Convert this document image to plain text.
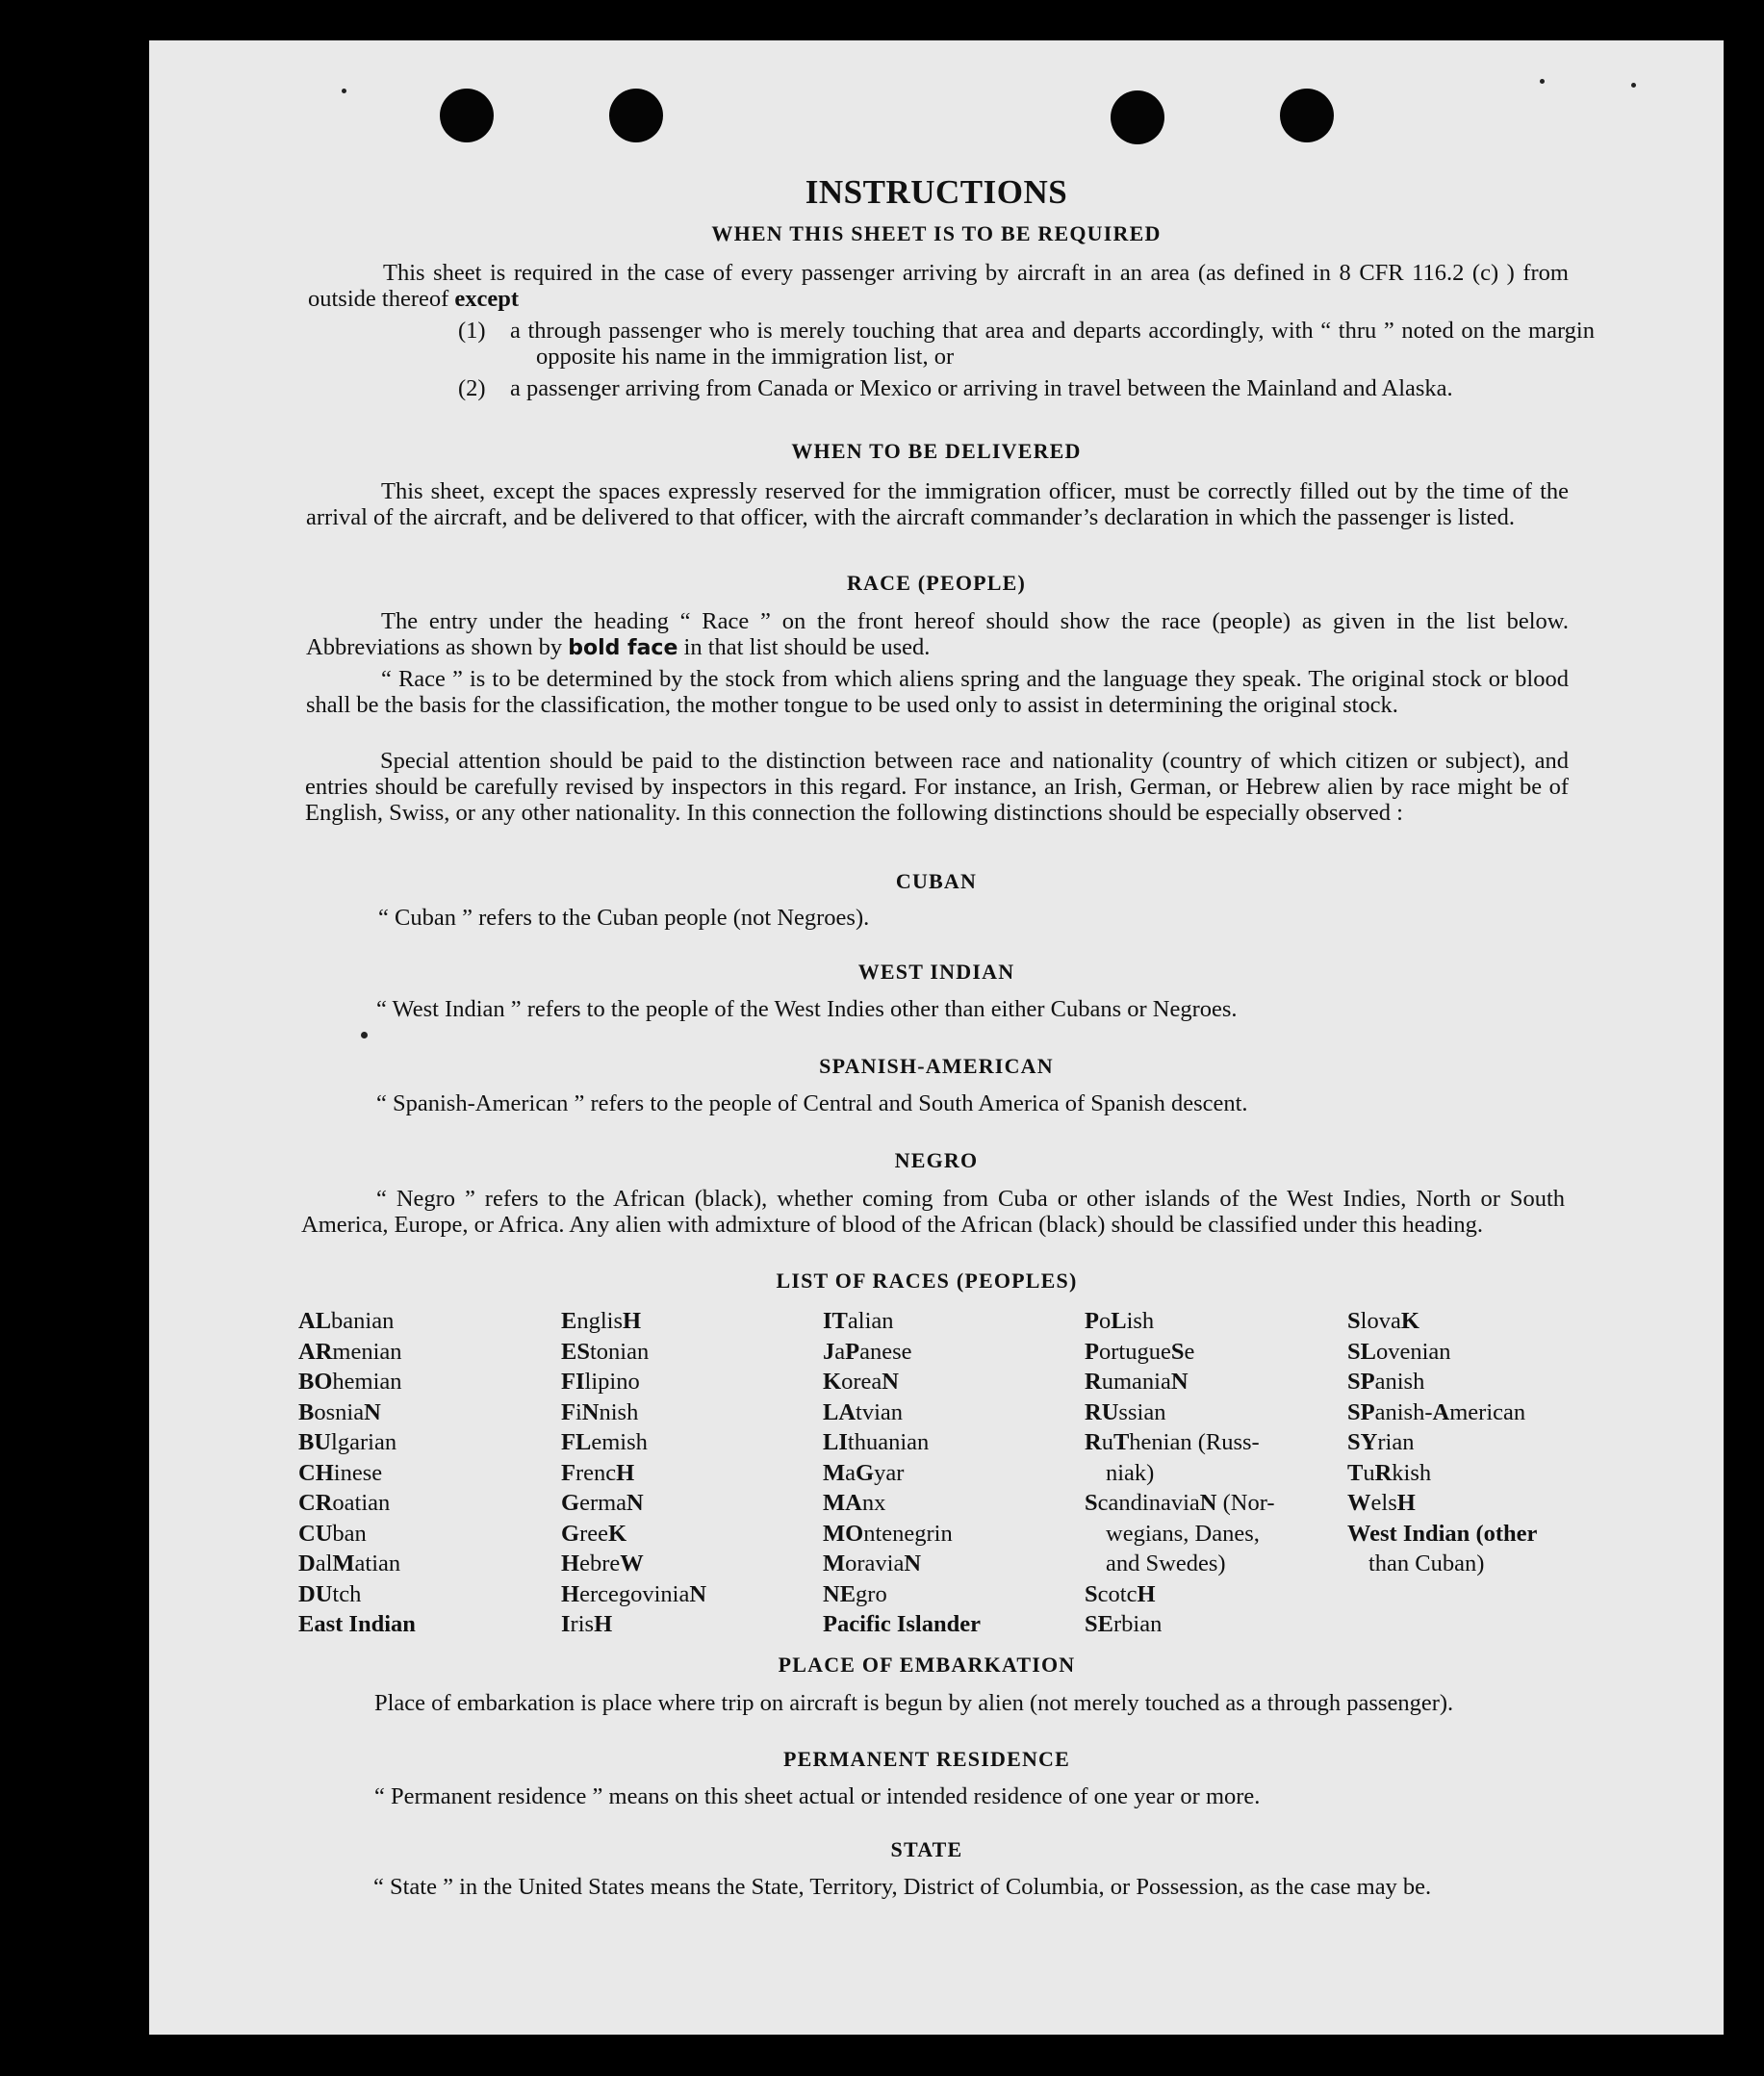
INSTRUCTIONS
WHEN THIS SHEET IS TO BE REQUIRED
This sheet is required in the case of every passenger arriving by aircraft in an area (as defined in 8 CFR 116.2 (c) ) from outside thereof except
(1) a through passenger who is merely touching that area and departs accordingly, with “ thru ” noted on the margin opposite his name in the immigration list, or
(2) a passenger arriving from Canada or Mexico or arriving in travel between the Mainland and Alaska.
WHEN TO BE DELIVERED
This sheet, except the spaces expressly reserved for the immigration officer, must be correctly filled out by the time of the arrival of the aircraft, and be delivered to that officer, with the aircraft commander’s declaration in which the passenger is listed.
RACE (PEOPLE)
The entry under the heading “ Race ” on the front hereof should show the race (people) as given in the list below. Abbreviations as shown by bold face in that list should be used.
“ Race ” is to be determined by the stock from which aliens spring and the language they speak. The original stock or blood shall be the basis for the classification, the mother tongue to be used only to assist in determining the original stock.
Special attention should be paid to the distinction between race and nationality (country of which citizen or subject), and entries should be carefully revised by inspectors in this regard. For instance, an Irish, German, or Hebrew alien by race might be of English, Swiss, or any other nationality. In this connection the following distinctions should be especially observed :
CUBAN
“ Cuban ” refers to the Cuban people (not Negroes).
WEST INDIAN
“ West Indian ” refers to the people of the West Indies other than either Cubans or Negroes.
SPANISH-AMERICAN
“ Spanish-American ” refers to the people of Central and South America of Spanish descent.
NEGRO
“ Negro ” refers to the African (black), whether coming from Cuba or other islands of the West Indies, North or South America, Europe, or Africa. Any alien with admixture of blood of the African (black) should be classified under this heading.
LIST OF RACES (PEOPLES)

ALbanian

ARmenian

BOhemian

BosniaN

BUlgarian

CHinese

CRoatian

CUban

DalMatian

DUtch

East Indian

EnglisH

EStonian

FIlipino

FiNnish

FLemish

FrencH

GermaN

GreeK

HebreW

HercegoviniaN

IrisH

ITalian

JaPanese

KoreaN

LAtvian

LIthuanian

MaGyar

MAnx

MOntenegrin

MoraviaN

NEgro

Pacific Islander

PoLish

PortugueSe

RumaniaN

RUssian

RuThenian (Russ-

niak)

ScandinaviaN (Nor-

wegians, Danes,

and Swedes)

ScotcH

SErbian

SlovaK

SLovenian

SPanish

SPanish-American

SYrian

TuRkish

WelsH

West Indian (other

than Cuban)

PLACE OF EMBARKATION
Place of embarkation is place where trip on aircraft is begun by alien (not merely touched as a through passenger).
PERMANENT RESIDENCE
“ Permanent residence ” means on this sheet actual or intended residence of one year or more.
STATE
“ State ” in the United States means the State, Territory, District of Columbia, or Possession, as the case may be.
